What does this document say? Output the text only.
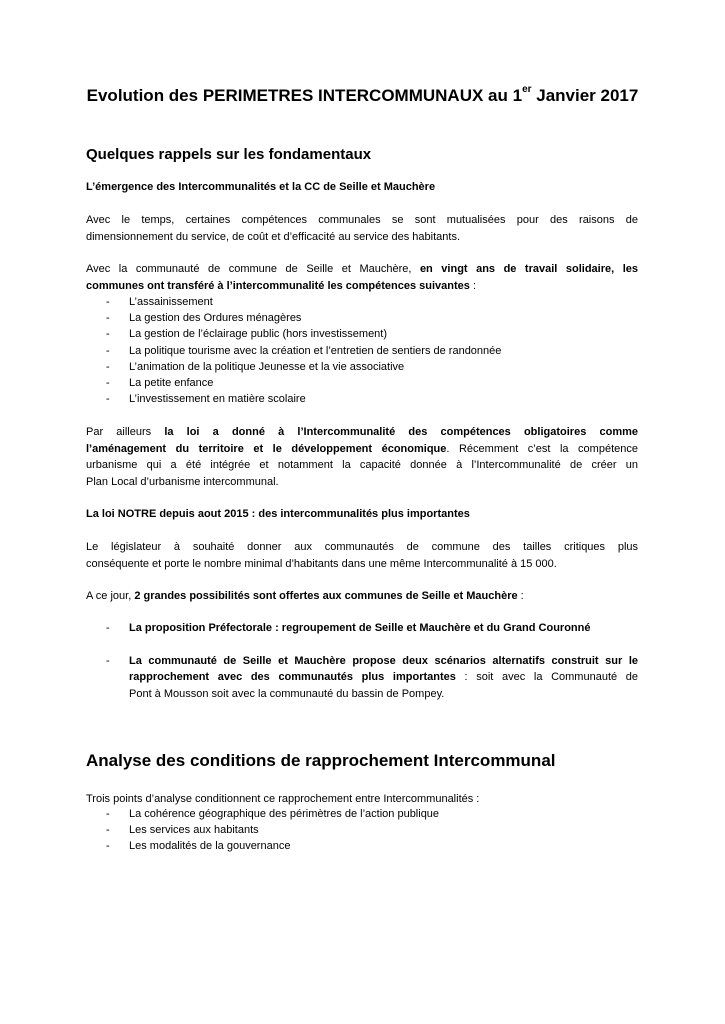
Evolution des PERIMETRES INTERCOMMUNAUX au 1er Janvier 2017
Quelques rappels sur les fondamentaux
L’émergence des Intercommunalités et la CC de Seille et Mauchère
Avec le temps, certaines compétences communales se sont mutualisées pour des raisons de
dimensionnement du service, de coût et d’efficacité au service des habitants.
Avec la communauté de commune de Seille et Mauchère, en vingt ans de travail solidaire, les
communes ont transféré à l’intercommunalité les compétences suivantes :
- L’assainissement
- La gestion des Ordures ménagères
- La gestion de l’éclairage public (hors investissement)
- La politique tourisme avec la création et l’entretien de sentiers de randonnée
- L’animation de la politique Jeunesse et la vie associative
- La petite enfance
- L’investissement en matière scolaire
Par ailleurs la loi a donné à l’Intercommunalité des compétences obligatoires comme
l’aménagement du territoire et le développement économique. Récemment c’est la compétence
urbanisme qui a été intégrée et notamment la capacité donnée à l’Intercommunalité de créer un
Plan Local d’urbanisme intercommunal.
La loi NOTRE depuis aout 2015 : des intercommunalités plus importantes
Le législateur à souhaité donner aux communautés de commune des tailles critiques plus
conséquente et porte le nombre minimal d’habitants dans une même Intercommunalité à 15 000.
A ce jour, 2 grandes possibilités sont offertes aux communes de Seille et Mauchère :
- La proposition Préfectorale : regroupement de Seille et Mauchère et du Grand Couronné
- La communauté de Seille et Mauchère propose deux scénarios alternatifs construit sur le
rapprochement avec des communautés plus importantes : soit avec la Communauté de
Pont à Mousson soit avec la communauté du bassin de Pompey.
Analyse des conditions de rapprochement Intercommunal
Trois points d’analyse conditionnent ce rapprochement entre Intercommunalités :
- La cohérence géographique des périmètres de l’action publique
- Les services aux habitants
- Les modalités de la gouvernance
